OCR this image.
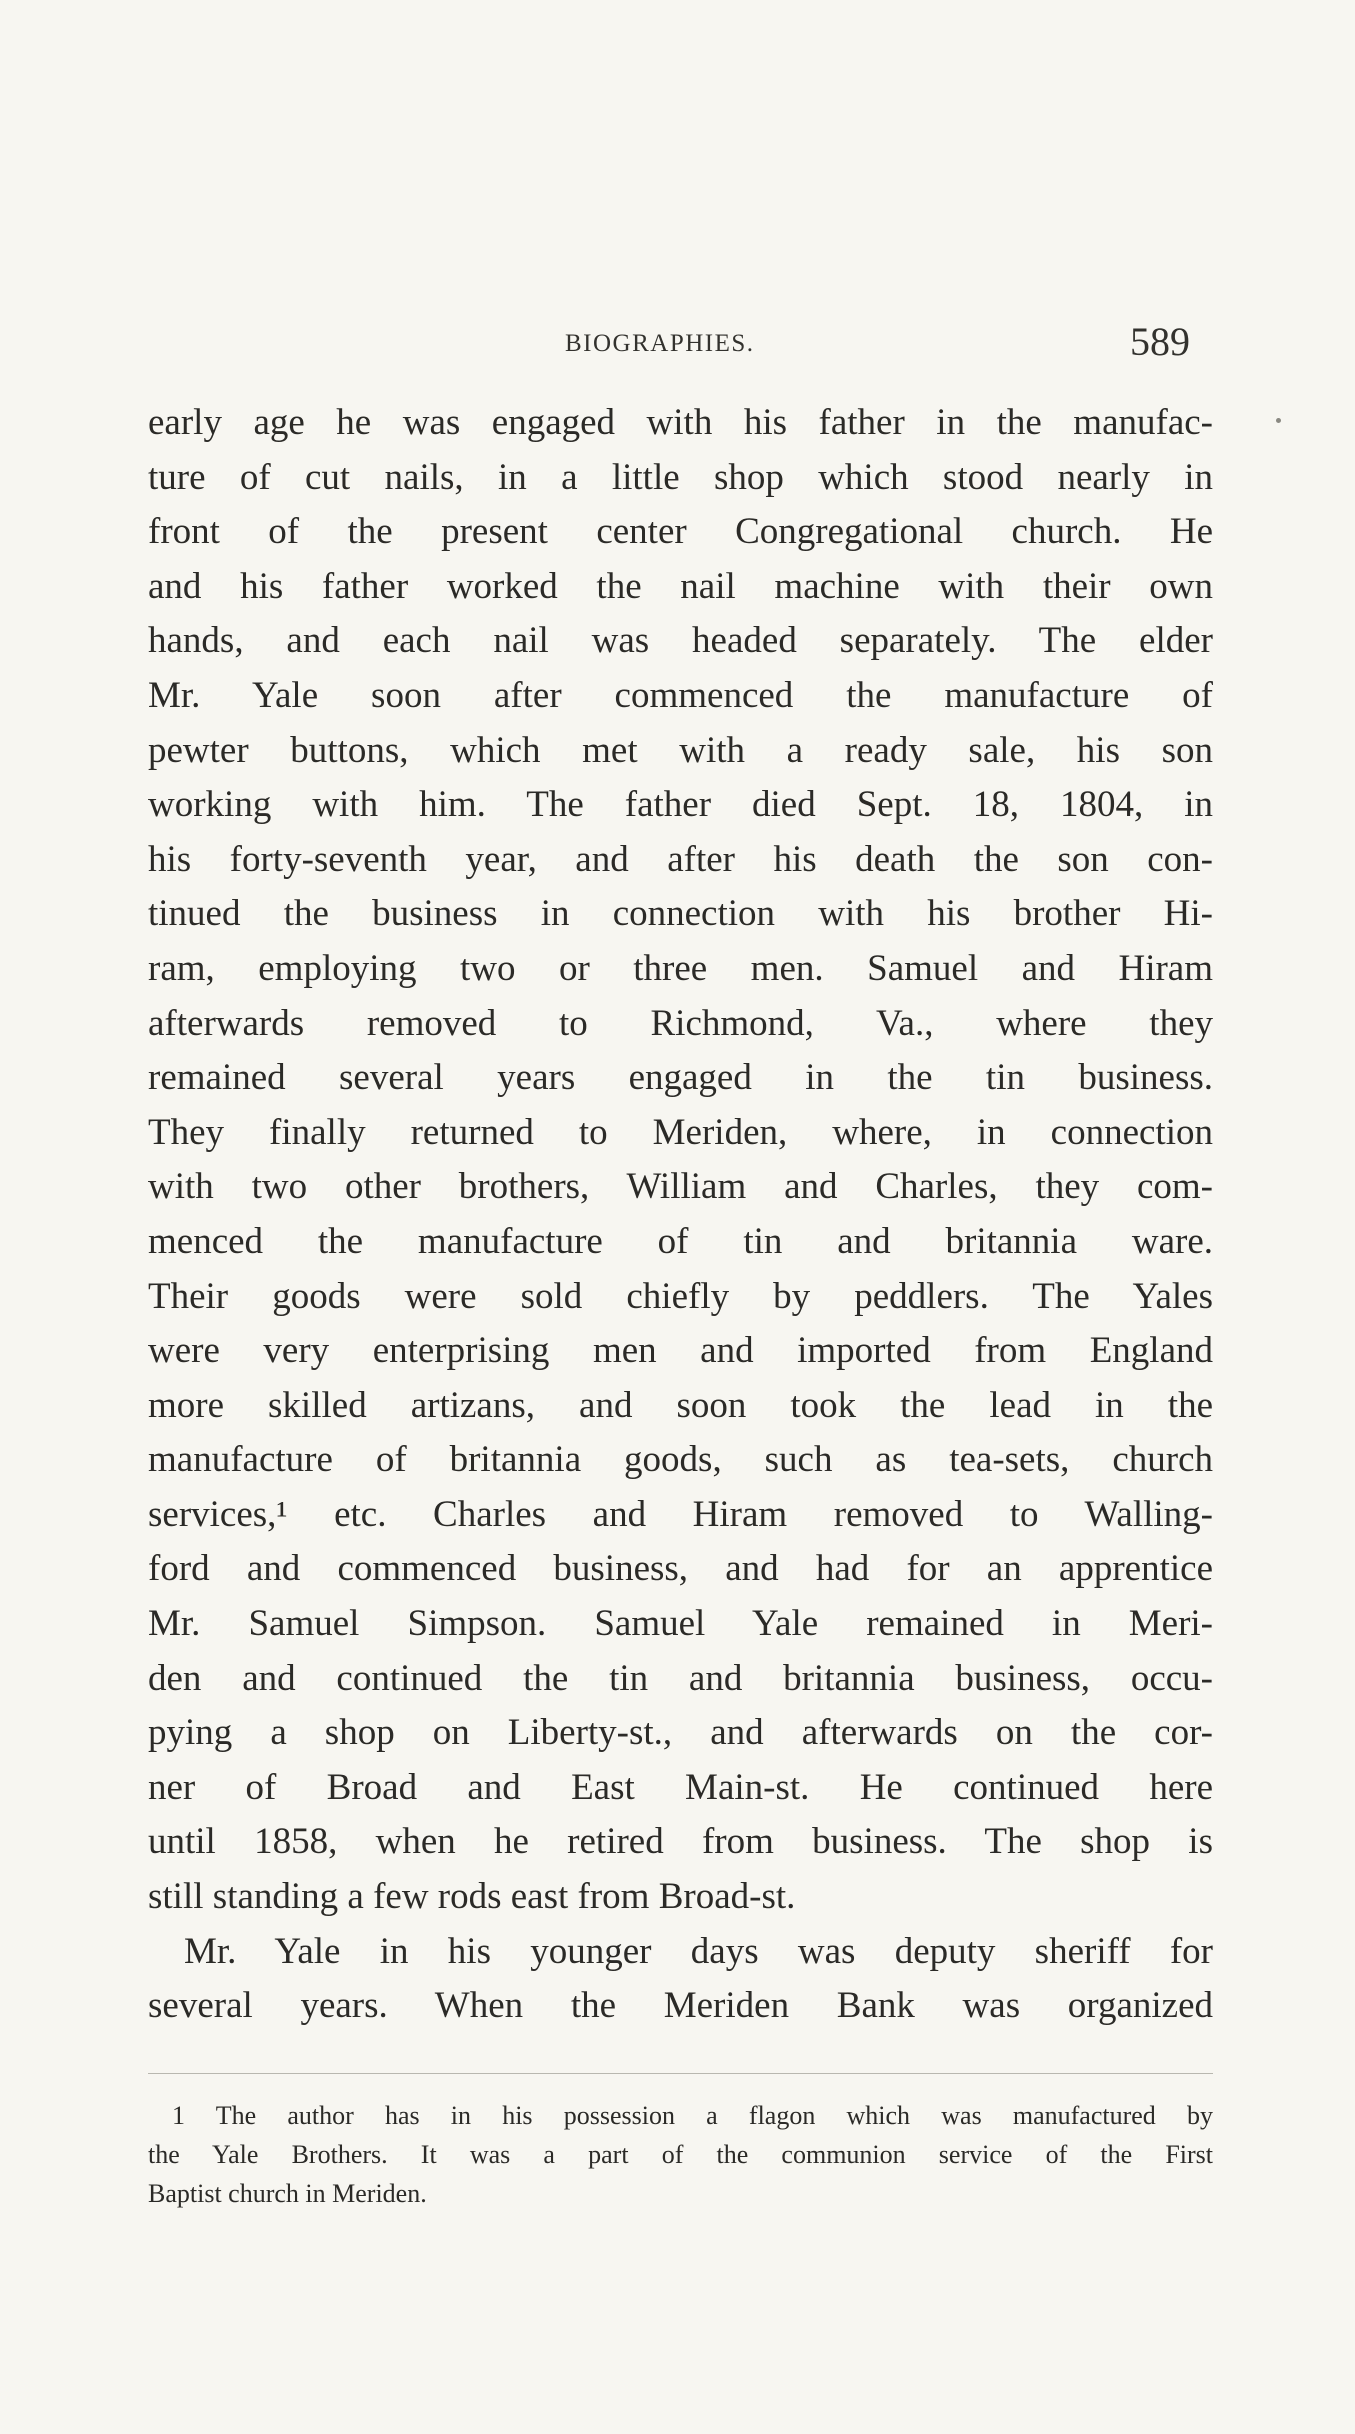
BIOGRAPHIES.	589
early age he was engaged with his father in the manufac-
ture of cut nails, in a little shop which stood nearly in
front of the present center Congregational church. He
and his father worked the nail machine with their own
hands, and each nail was headed separately. The elder
Mr. Yale soon after commenced the manufacture of
pewter buttons, which met with a ready sale, his son
working with him. The father died Sept. 18, 1804, in
his forty-seventh year, and after his death the son con-
tinued the business in connection with his brother Hi-
ram, employing two or three men. Samuel and Hiram
afterwards removed to Richmond, Va., where they
remained several years engaged in the tin business.
They finally returned to Meriden, where, in connection
with two other brothers, William and Charles, they com-
menced the manufacture of tin and britannia ware.
Their goods were sold chiefly by peddlers. The Yales
were very enterprising men and imported from England
more skilled artizans, and soon took the lead in the
manufacture of britannia goods, such as tea-sets, church
services,¹ etc. Charles and Hiram removed to Walling-
ford and commenced business, and had for an apprentice
Mr. Samuel Simpson. Samuel Yale remained in Meri-
den and continued the tin and britannia business, occu-
pying a shop on Liberty-st., and afterwards on the cor-
ner of Broad and East Main-st. He continued here
until 1858, when he retired from business. The shop is
still standing a few rods east from Broad-st.
Mr. Yale in his younger days was deputy sheriff for
several years. When the Meriden Bank was organized
1 The author has in his possession a flagon which was manufactured by
the Yale Brothers. It was a part of the communion service of the First
Baptist church in Meriden.
